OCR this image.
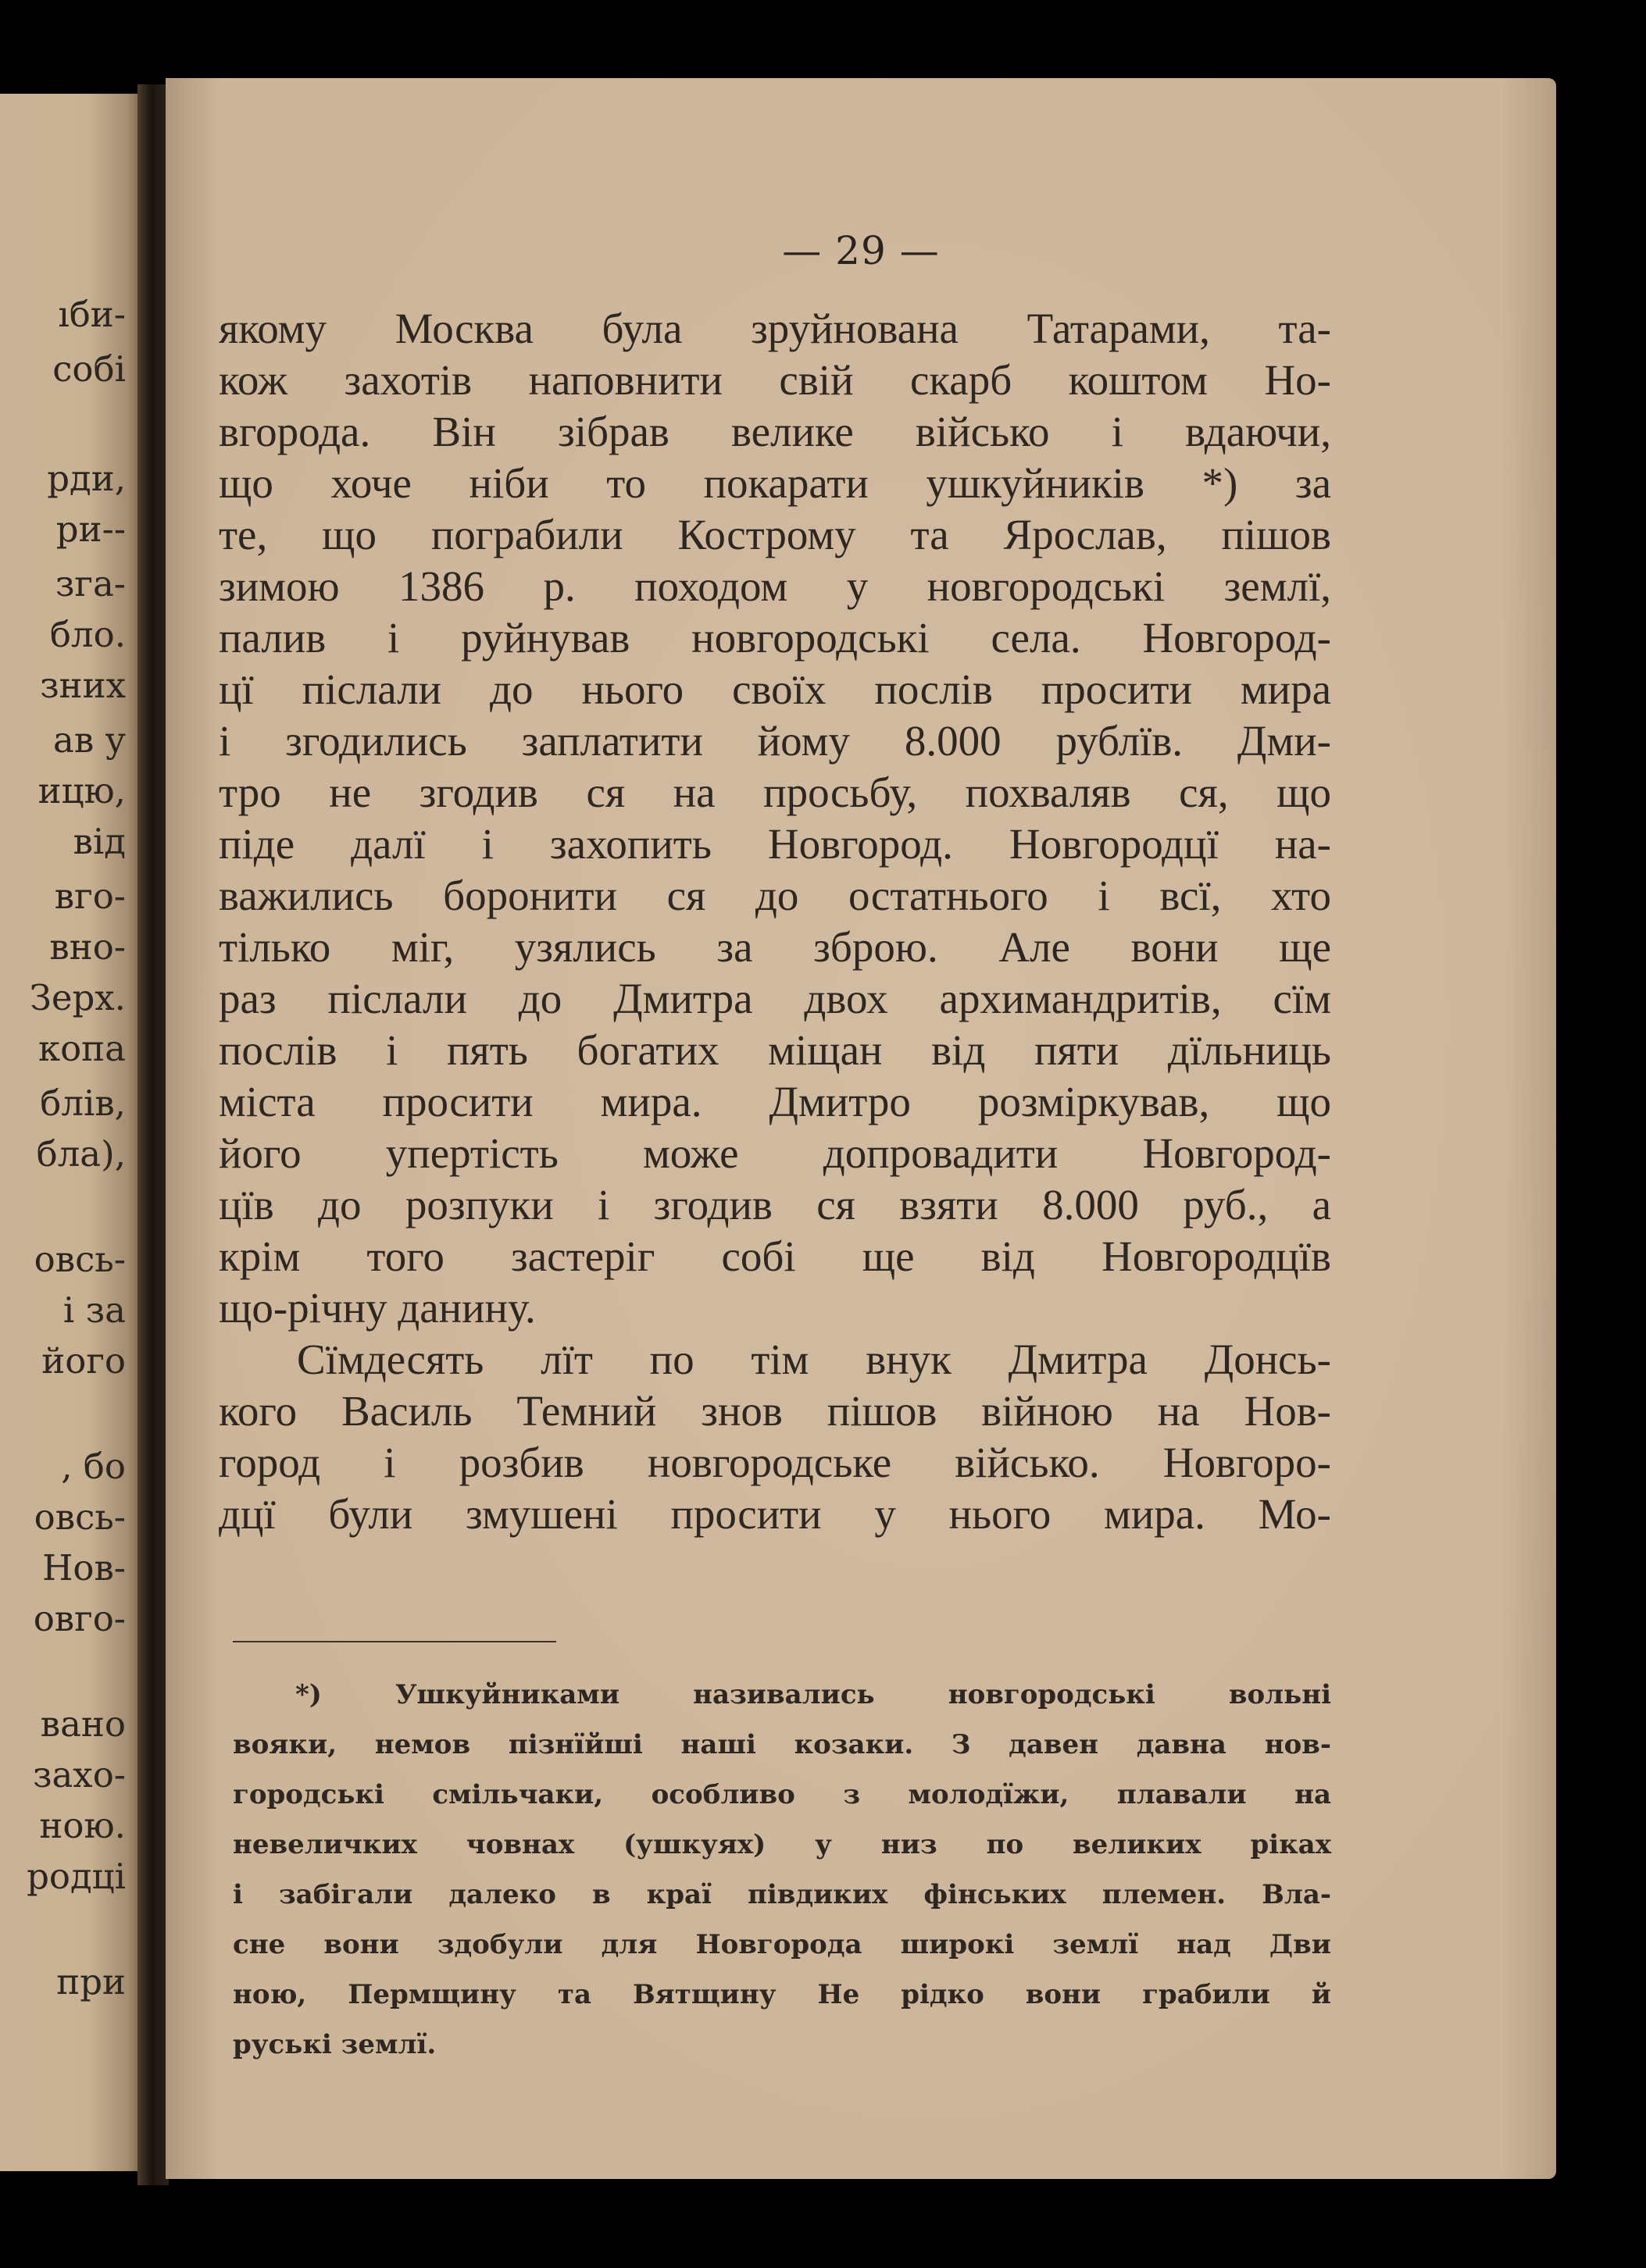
ıби-
собі
рди,
ри--
зга-
бло.
зних
ав у
ицю,
від
вго-
вно-
Зерх.
копа
блів,
бла),
овсь-
і за
його
, бо
овсь-
Нов-
овго-
вано
захо-
ною.
родці
при
— 29 —
якому Москва була зруйнована Татарами, та-
кож захотів наповнити свій скарб коштом Но-
вгорода. Він зібрав велике військо і вдаючи,
що хоче ніби то покарати ушкуйників *) за
те, що пограбили Кострому та Ярослав, пішов
зимою 1386 р. походом у новгородські землї,
палив і руйнував новгородські села. Новгород-
цї післали до нього своїх послів просити мира
і згодились заплатити йому 8.000 рублїв. Дми-
тро не згодив ся на просьбу, похваляв ся, що
піде далї і захопить Новгород. Новгородцї на-
важились боронити ся до остатнього і всї, хто
тілько міг, узялись за зброю. Але вони ще
раз післали до Дмитра двох архимандритів, сїм
послів і пять богатих міщан від пяти дїльниць
міста просити мира. Дмитро розміркував, що
його упертість може допровадити Новгород-
цїв до розпуки і згодив ся взяти 8.000 руб., а
крім того застеріг собі ще від Новгородцїв
що-річну данину.
Сїмдесять лїт по тім внук Дмитра Донсь-
кого Василь Темний знов пішов війною на Нов-
город і розбив новгородське військо. Новгоро-
дцї були змушені просити у нього мира. Мо-
*) Ушкуйниками називались новгородські вольні
вояки, немов пізнїйші наші козаки. З давен давна нов-
городські смільчаки, особливо з молодїжи, плавали на
невеличких човнах (ушкуях) у низ по великих ріках
і забігали далеко в краї півдиких фінських племен. Вла-
сне вони здобули для Новгорода широкі землї над Дви
ною, Пермщину та Вятщину Не рідко вони грабили й
руські землї.
